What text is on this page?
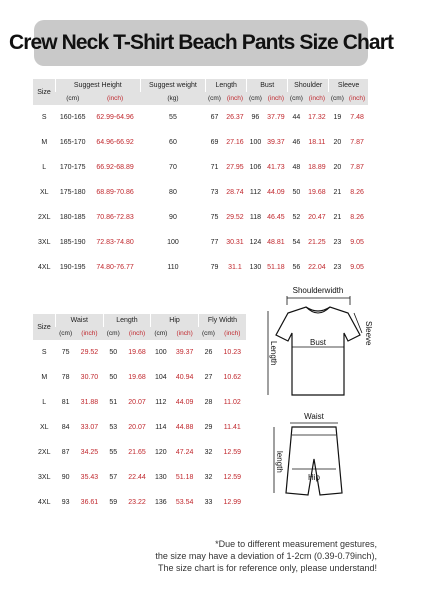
Crew Neck T-Shirt Beach Pants Size Chart
Size	Suggest Height		Suggest weight	Length		Bust		Shoulder		Sleeve	
	(cm)	(inch)	(kg)	(cm)	(inch)	(cm)	(inch)	(cm)	(inch)	(cm)	(inch)
S	160-165	62.99-64.96	55	67	26.37	96	37.79	44	17.32	19	7.48
M	165-170	64.96-66.92	60	69	27.16	100	39.37	46	18.11	20	7.87
L	170-175	66.92-68.89	70	71	27.95	106	41.73	48	18.89	20	7.87
XL	175-180	68.89-70.86	80	73	28.74	112	44.09	50	19.68	21	8.26
2XL	180-185	70.86-72.83	90	75	29.52	118	46.45	52	20.47	21	8.26
3XL	185-190	72.83-74.80	100	77	30.31	124	48.81	54	21.25	23	9.05
4XL	190-195	74.80-76.77	110	79	31.1	130	51.18	56	22.04	23	9.05
Size	Waist		Length		Hip		Fly Width	
	(cm)	(inch)	(cm)	(inch)	(cm)	(inch)	(cm)	(inch)
S	75	29.52	50	19.68	100	39.37	26	10.23
M	78	30.70	50	19.68	104	40.94	27	10.62
L	81	31.88	51	20.07	112	44.09	28	11.02
XL	84	33.07	53	20.07	114	44.88	29	11.41
2XL	87	34.25	55	21.65	120	47.24	32	12.59
3XL	90	35.43	57	22.44	130	51.18	32	12.59
4XL	93	36.61	59	23.22	136	53.54	33	12.99
Shoulderwidth
Sleeve
Length	Bust
Waist
Hip
length
*Due to different measurement gestures,
the size may have a deviation of 1-2cm (0.39-0.79inch),
The size chart is for reference only, please understand!
